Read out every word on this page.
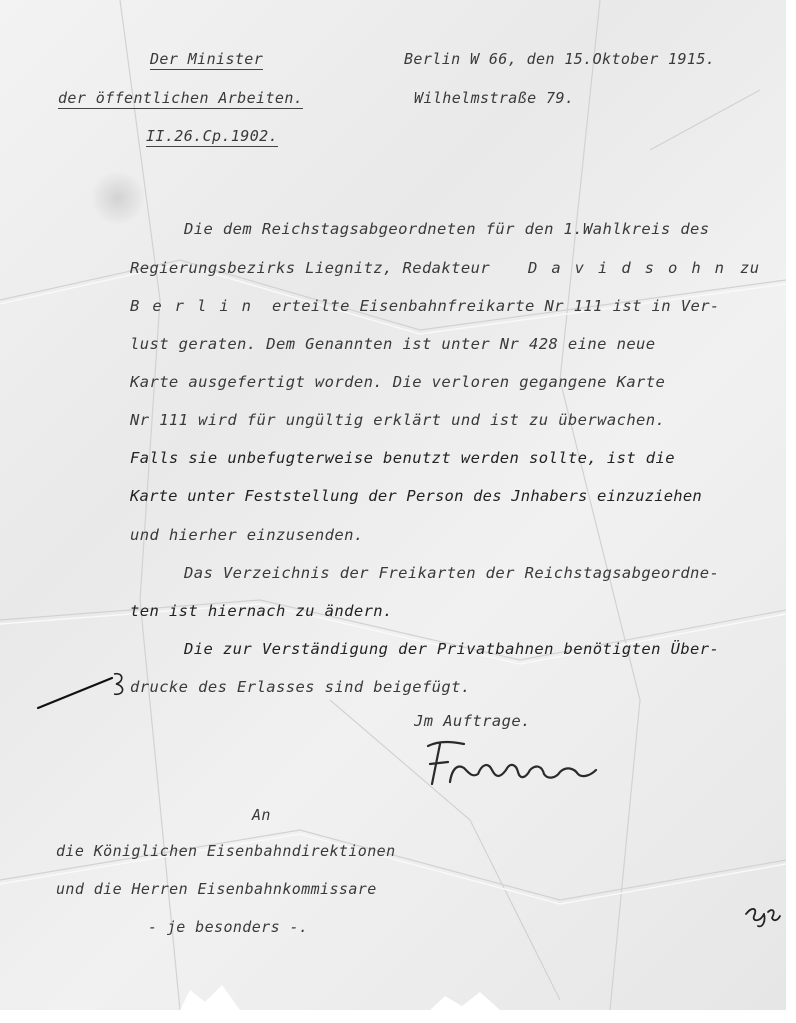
Der Minister
der öffentlichen Arbeiten.
II.26.Cp.1902.
Berlin W 66, den 15.Oktober 1915.
Wilhelmstraße 79.
Die dem Reichstagsabgeordneten für den 1.Wahlkreis des
Regierungsbezirks Liegnitz, Redakteur Davidsohn zu
Berlin erteilte Eisenbahnfreikarte Nr 111 ist in Ver-
lust geraten. Dem Genannten ist unter Nr 428 eine neue
Karte ausgefertigt worden. Die verloren gegangene Karte
Nr 111 wird für ungültig erklärt und ist zu überwachen.
Falls sie unbefugterweise benutzt werden sollte, ist die
Karte unter Feststellung der Person des Jnhabers einzuziehen
und hierher einzusenden.
Das Verzeichnis der Freikarten der Reichstagsabgeordne-
ten ist hiernach zu ändern.
Die zur Verständigung der Privatbahnen benötigten Über-
drucke des Erlasses sind beigefügt.
Jm Auftrage.
An
die Königlichen Eisenbahndirektionen
und die Herren Eisenbahnkommissare
- je besonders -.
